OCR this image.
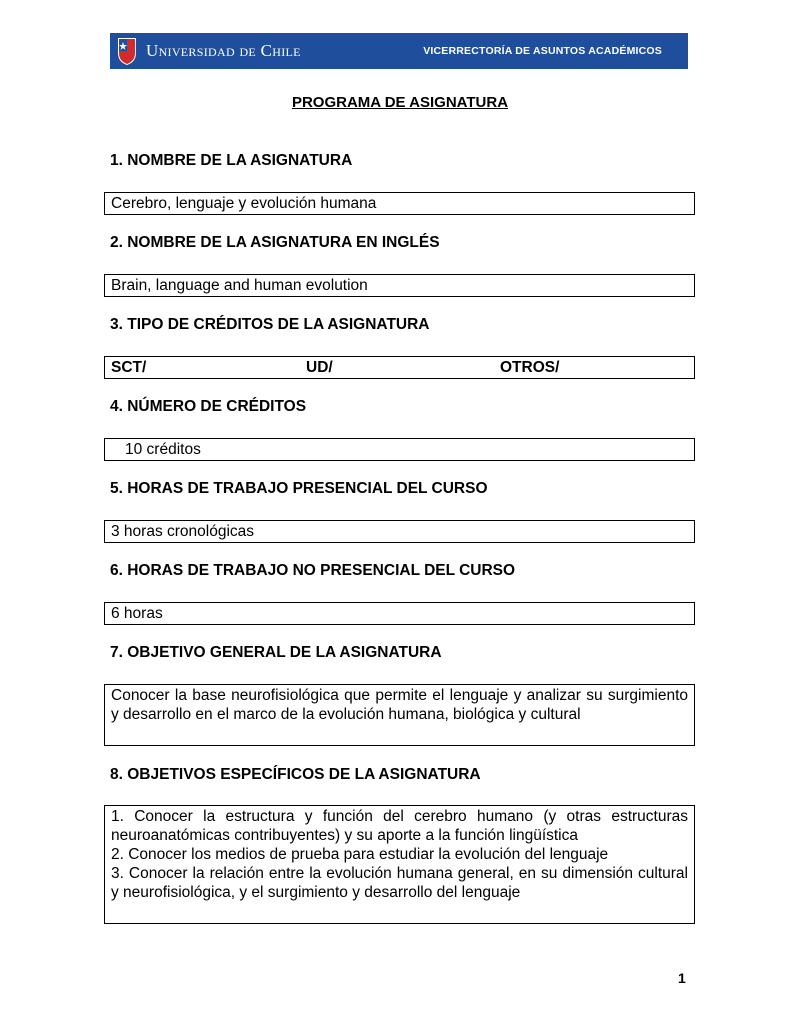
Universidad de Chile	VICERRECTORÍA DE ASUNTOS ACADÉMICOS
PROGRAMA DE ASIGNATURA
1. NOMBRE DE LA ASIGNATURA
Cerebro, lenguaje y evolución humana
2. NOMBRE DE LA ASIGNATURA EN INGLÉS
Brain, language and human evolution
3. TIPO DE CRÉDITOS DE LA ASIGNATURA
SCT/	UD/	OTROS/
4. NÚMERO DE CRÉDITOS
10 créditos
5. HORAS DE TRABAJO PRESENCIAL DEL CURSO
3 horas cronológicas
6. HORAS DE TRABAJO NO PRESENCIAL DEL CURSO
6 horas
7. OBJETIVO GENERAL DE LA ASIGNATURA
Conocer la base neurofisiológica que permite el lenguaje y analizar su surgimiento y desarrollo en el marco de la evolución humana, biológica y cultural
8. OBJETIVOS ESPECÍFICOS DE LA ASIGNATURA
1. Conocer la estructura y función del cerebro humano (y otras estructuras neuroanatómicas contribuyentes) y su aporte a la función lingüística
2. Conocer los medios de prueba para estudiar la evolución del lenguaje
3. Conocer la relación entre la evolución humana general, en su dimensión cultural y neurofisiológica, y el surgimiento y desarrollo del lenguaje
1
